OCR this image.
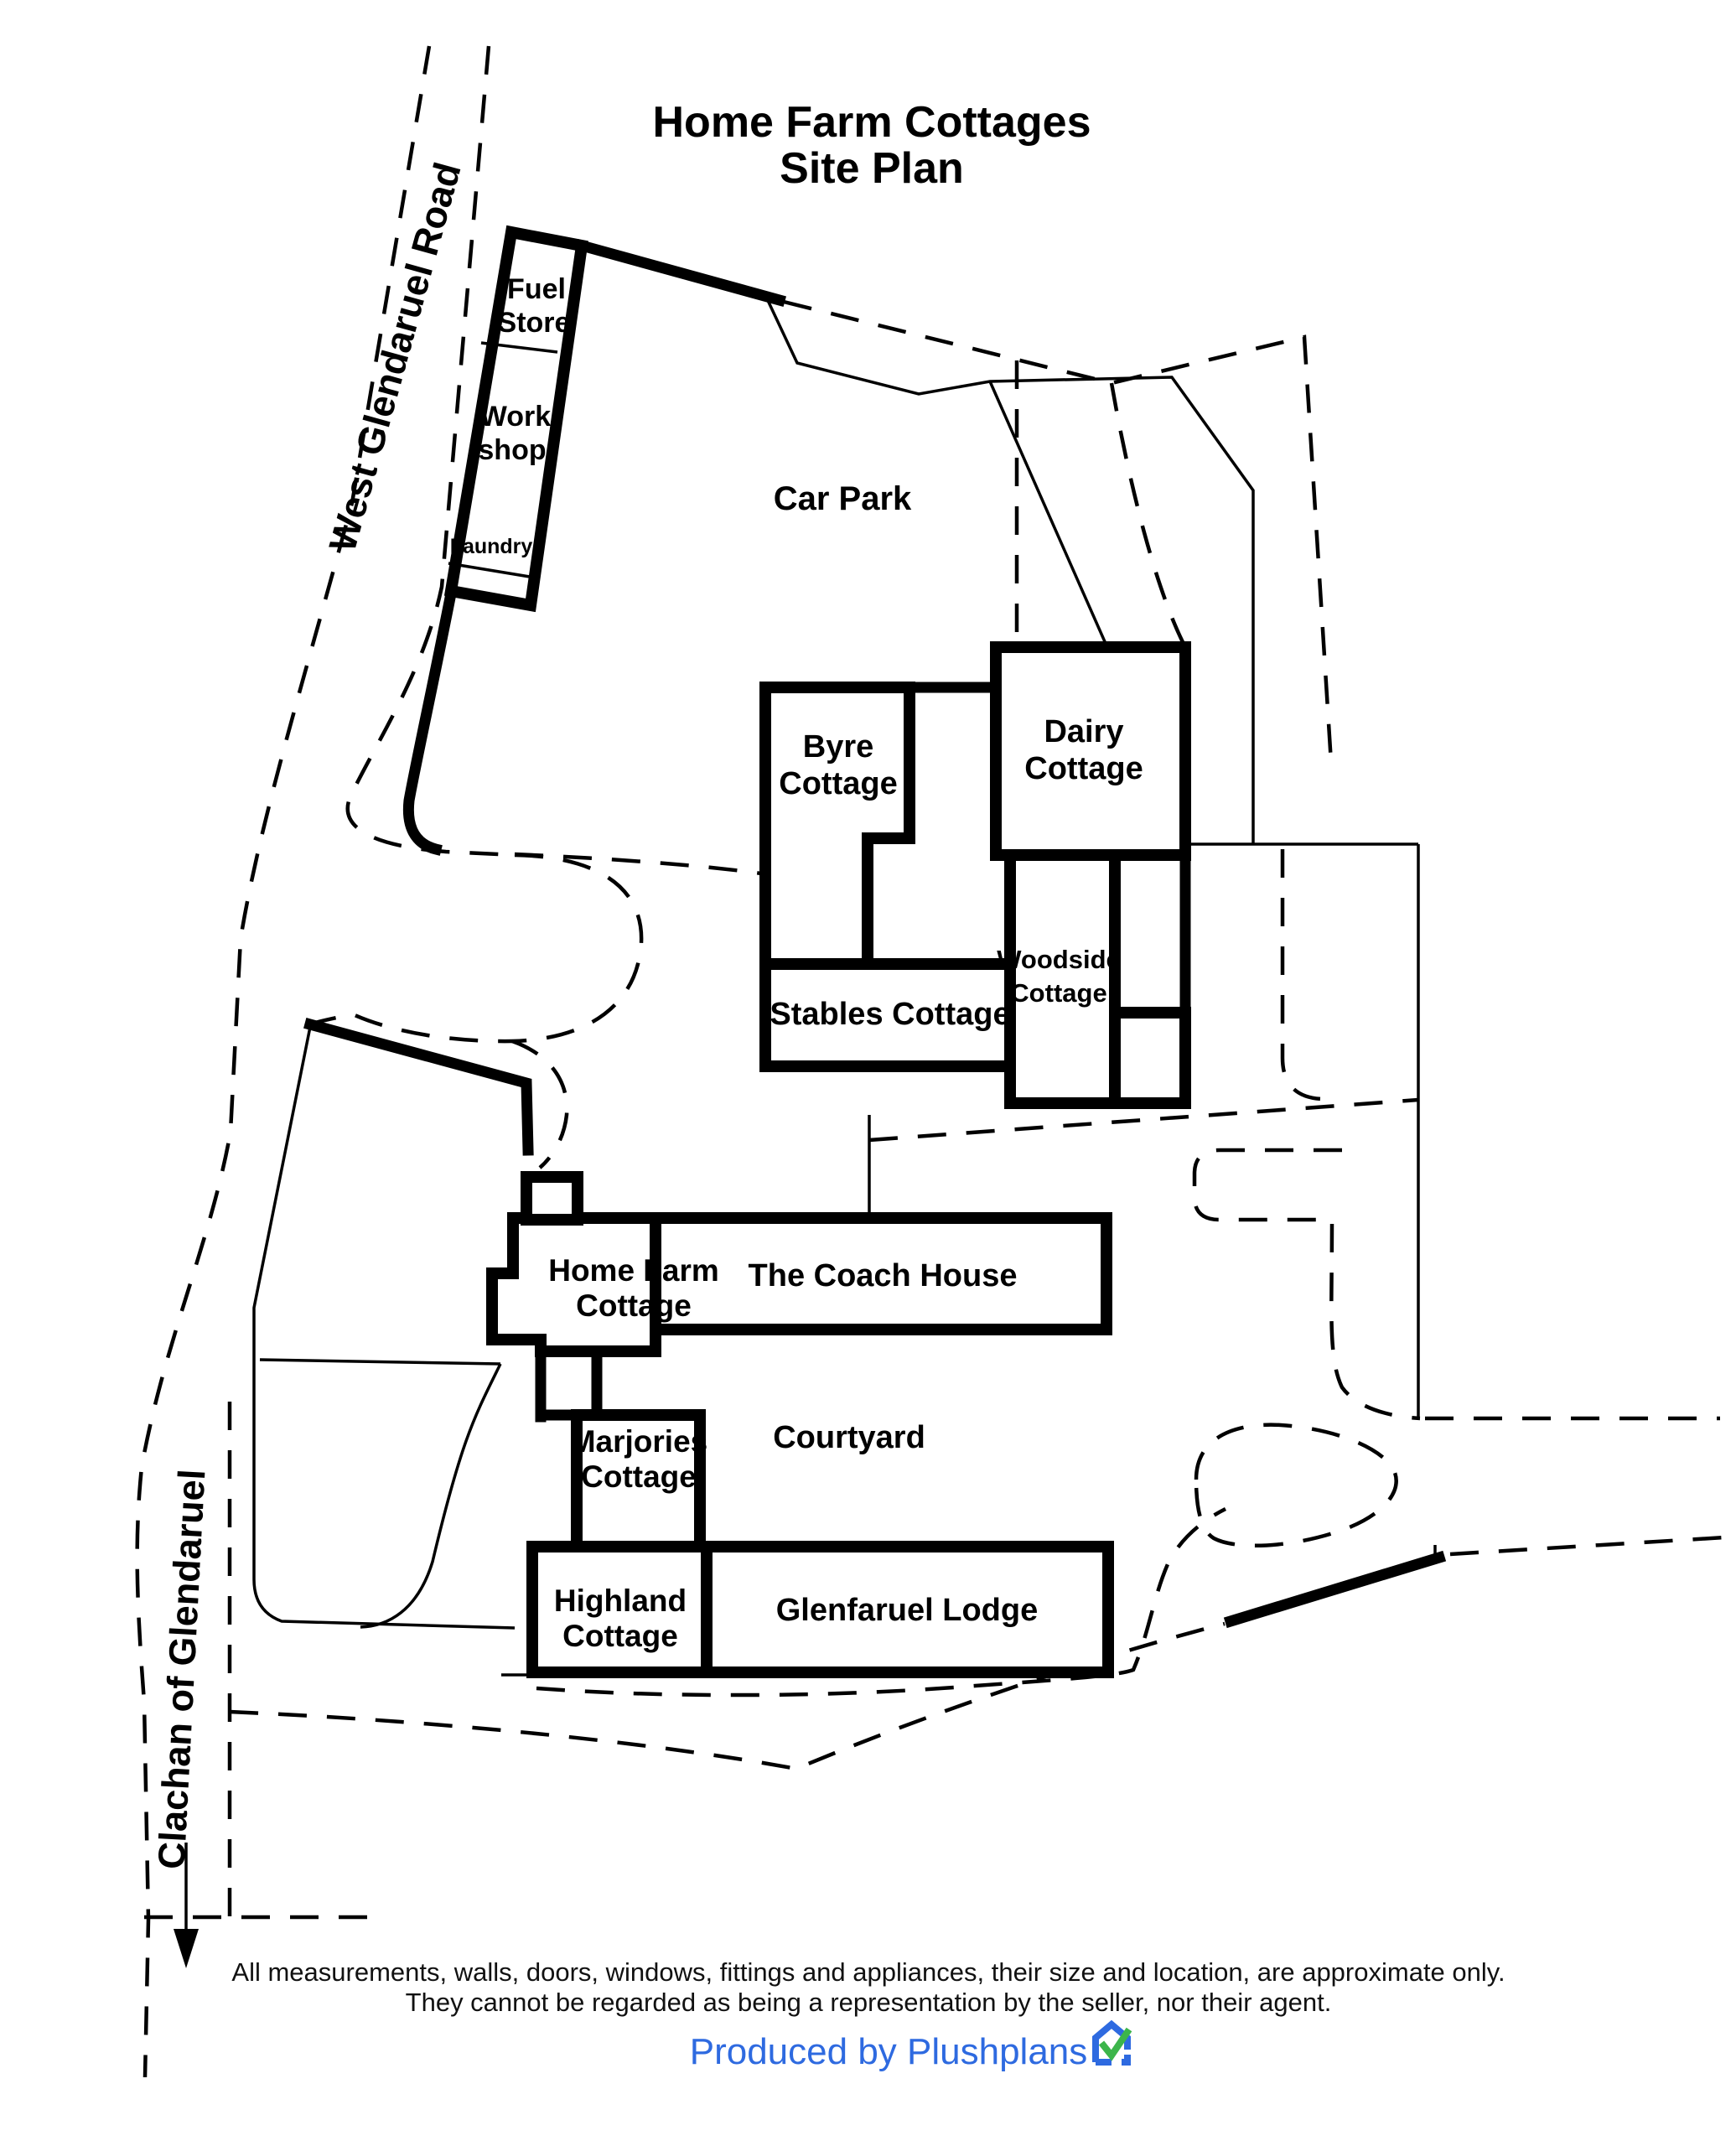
Home Farm Cottages
Site Plan
West Glendaruel Road
Clachan of Glendaruel
Car Park
Courtyard
Fuel
Store
Work
shop
Laundry
Byre
Cottage
Dairy
Cottage
Woodside
Cottage
Stables Cottage
Home Farm
Cottage
The Coach House
Marjories
Cottage
Highland
Cottage
Glenfaruel Lodge
All measurements, walls, doors, windows, fittings and appliances, their size and location, are approximate only.
They cannot be regarded as being a representation by the seller, nor their agent.
Produced by Plushplans
